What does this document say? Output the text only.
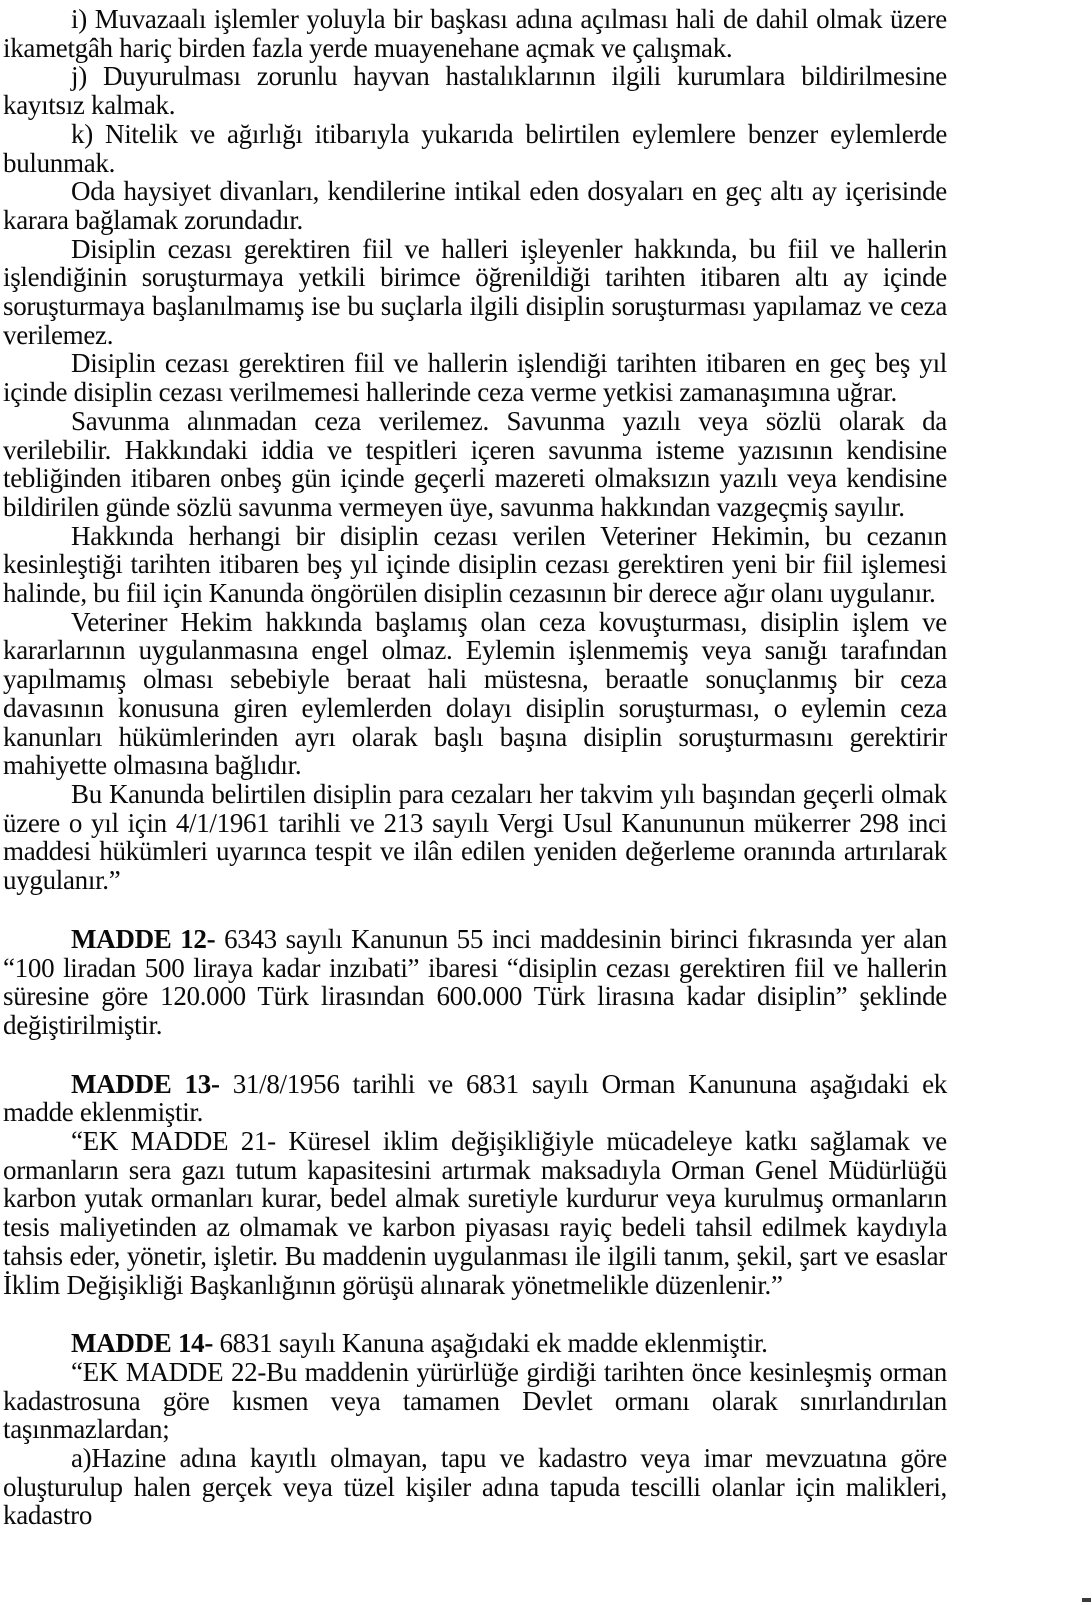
i) Muvazaalı işlemler yoluyla bir başkası adına açılması hali de dahil olmak üzere ikametgâh hariç birden fazla yerde muayenehane açmak ve çalışmak.

j) Duyurulması zorunlu hayvan hastalıklarının ilgili kurumlara bildirilmesine kayıtsız kalmak.

k) Nitelik ve ağırlığı itibarıyla yukarıda belirtilen eylemlere benzer eylemlerde bulunmak.

Oda haysiyet divanları, kendilerine intikal eden dosyaları en geç altı ay içerisinde karara bağlamak zorundadır.

Disiplin cezası gerektiren fiil ve halleri işleyenler hakkında, bu fiil ve hallerin işlendiğinin soruşturmaya yetkili birimce öğrenildiği tarihten itibaren altı ay içinde soruşturmaya başlanılmamış ise bu suçlarla ilgili disiplin soruşturması yapılamaz ve ceza verilemez.

Disiplin cezası gerektiren fiil ve hallerin işlendiği tarihten itibaren en geç beş yıl içinde disiplin cezası verilmemesi hallerinde ceza verme yetkisi zamanaşımına uğrar.

Savunma alınmadan ceza verilemez. Savunma yazılı veya sözlü olarak da verilebilir. Hakkındaki iddia ve tespitleri içeren savunma isteme yazısının kendisine tebliğinden itibaren onbeş gün içinde geçerli mazereti olmaksızın yazılı veya kendisine bildirilen günde sözlü savunma vermeyen üye, savunma hakkından vazgeçmiş sayılır.

Hakkında herhangi bir disiplin cezası verilen Veteriner Hekimin, bu cezanın kesinleştiği tarihten itibaren beş yıl içinde disiplin cezası gerektiren yeni bir fiil işlemesi halinde, bu fiil için Kanunda öngörülen disiplin cezasının bir derece ağır olanı uygulanır.

Veteriner Hekim hakkında başlamış olan ceza kovuşturması, disiplin işlem ve kararlarının uygulanmasına engel olmaz. Eylemin işlenmemiş veya sanığı tarafından yapılmamış olması sebebiyle beraat hali müstesna, beraatle sonuçlanmış bir ceza davasının konusuna giren eylemlerden dolayı disiplin soruşturması, o eylemin ceza kanunları hükümlerinden ayrı olarak başlı başına disiplin soruşturmasını gerektirir mahiyette olmasına bağlıdır.

Bu Kanunda belirtilen disiplin para cezaları her takvim yılı başından geçerli olmak üzere o yıl için 4/1/1961 tarihli ve 213 sayılı Vergi Usul Kanununun mükerrer 298 inci maddesi hükümleri uyarınca tespit ve ilân edilen yeniden değerleme oranında artırılarak uygulanır.”

MADDE 12- 6343 sayılı Kanunun 55 inci maddesinin birinci fıkrasında yer alan “100 liradan 500 liraya kadar inzıbati” ibaresi “disiplin cezası gerektiren fiil ve hallerin süresine göre 120.000 Türk lirasından 600.000 Türk lirasına kadar disiplin” şeklinde değiştirilmiştir.

MADDE 13- 31/8/1956 tarihli ve 6831 sayılı Orman Kanununa aşağıdaki ek madde eklenmiştir.

“EK MADDE 21- Küresel iklim değişikliğiyle mücadeleye katkı sağlamak ve ormanların sera gazı tutum kapasitesini artırmak maksadıyla Orman Genel Müdürlüğü karbon yutak ormanları kurar, bedel almak suretiyle kurdurur veya kurulmuş ormanların tesis maliyetinden az olmamak ve karbon piyasası rayiç bedeli tahsil edilmek kaydıyla tahsis eder, yönetir, işletir. Bu maddenin uygulanması ile ilgili tanım, şekil, şart ve esaslar İklim Değişikliği Başkanlığının görüşü alınarak yönetmelikle düzenlenir.”

MADDE 14- 6831 sayılı Kanuna aşağıdaki ek madde eklenmiştir.

“EK MADDE 22-Bu maddenin yürürlüğe girdiği tarihten önce kesinleşmiş orman kadastrosuna göre kısmen veya tamamen Devlet ormanı olarak sınırlandırılan taşınmazlardan;

a)Hazine adına kayıtlı olmayan, tapu ve kadastro veya imar mevzuatına göre oluşturulup halen gerçek veya tüzel kişiler adına tapuda tescilli olanlar için malikleri, kadastro
